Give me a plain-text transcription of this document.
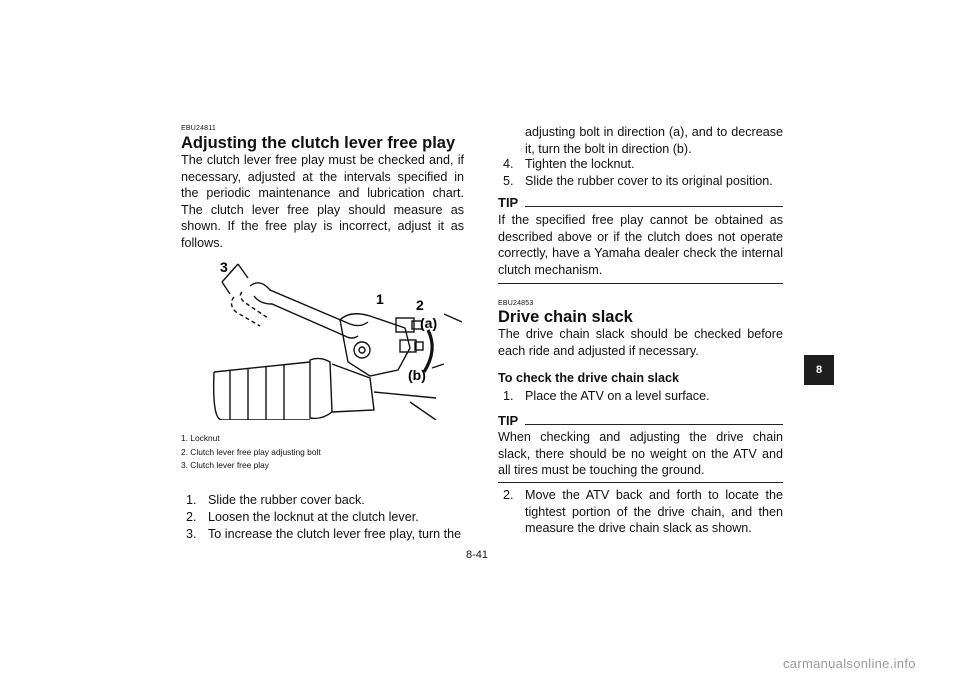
EBU24811
Adjusting the clutch lever free play
The clutch lever free play must be checked and, if necessary, adjusted at the intervals specified in the periodic maintenance and lubrication chart. The clutch lever free play should measure as shown. If the free play is incorrect, adjust it as follows.
3
1 2
(a)
(b)
1. Locknut
2. Clutch lever free play adjusting bolt
3. Clutch lever free play
1. Slide the rubber cover back.
2. Loosen the locknut at the clutch lever.
3. To increase the clutch lever free play, turn the
adjusting bolt in direction (a), and to decrease it, turn the bolt in direction (b).
4. Tighten the locknut.
5. Slide the rubber cover to its original position.
TIP
If the specified free play cannot be obtained as described above or if the clutch does not operate correctly, have a Yamaha dealer check the internal clutch mechanism.
EBU24853
Drive chain slack
The drive chain slack should be checked before each ride and adjusted if necessary.
To check the drive chain slack
1. Place the ATV on a level surface.
TIP
When checking and adjusting the drive chain slack, there should be no weight on the ATV and all tires must be touching the ground.
2. Move the ATV back and forth to locate the tightest portion of the drive chain, and then measure the drive chain slack as shown.
8-41
8
carmanualsonline.info
